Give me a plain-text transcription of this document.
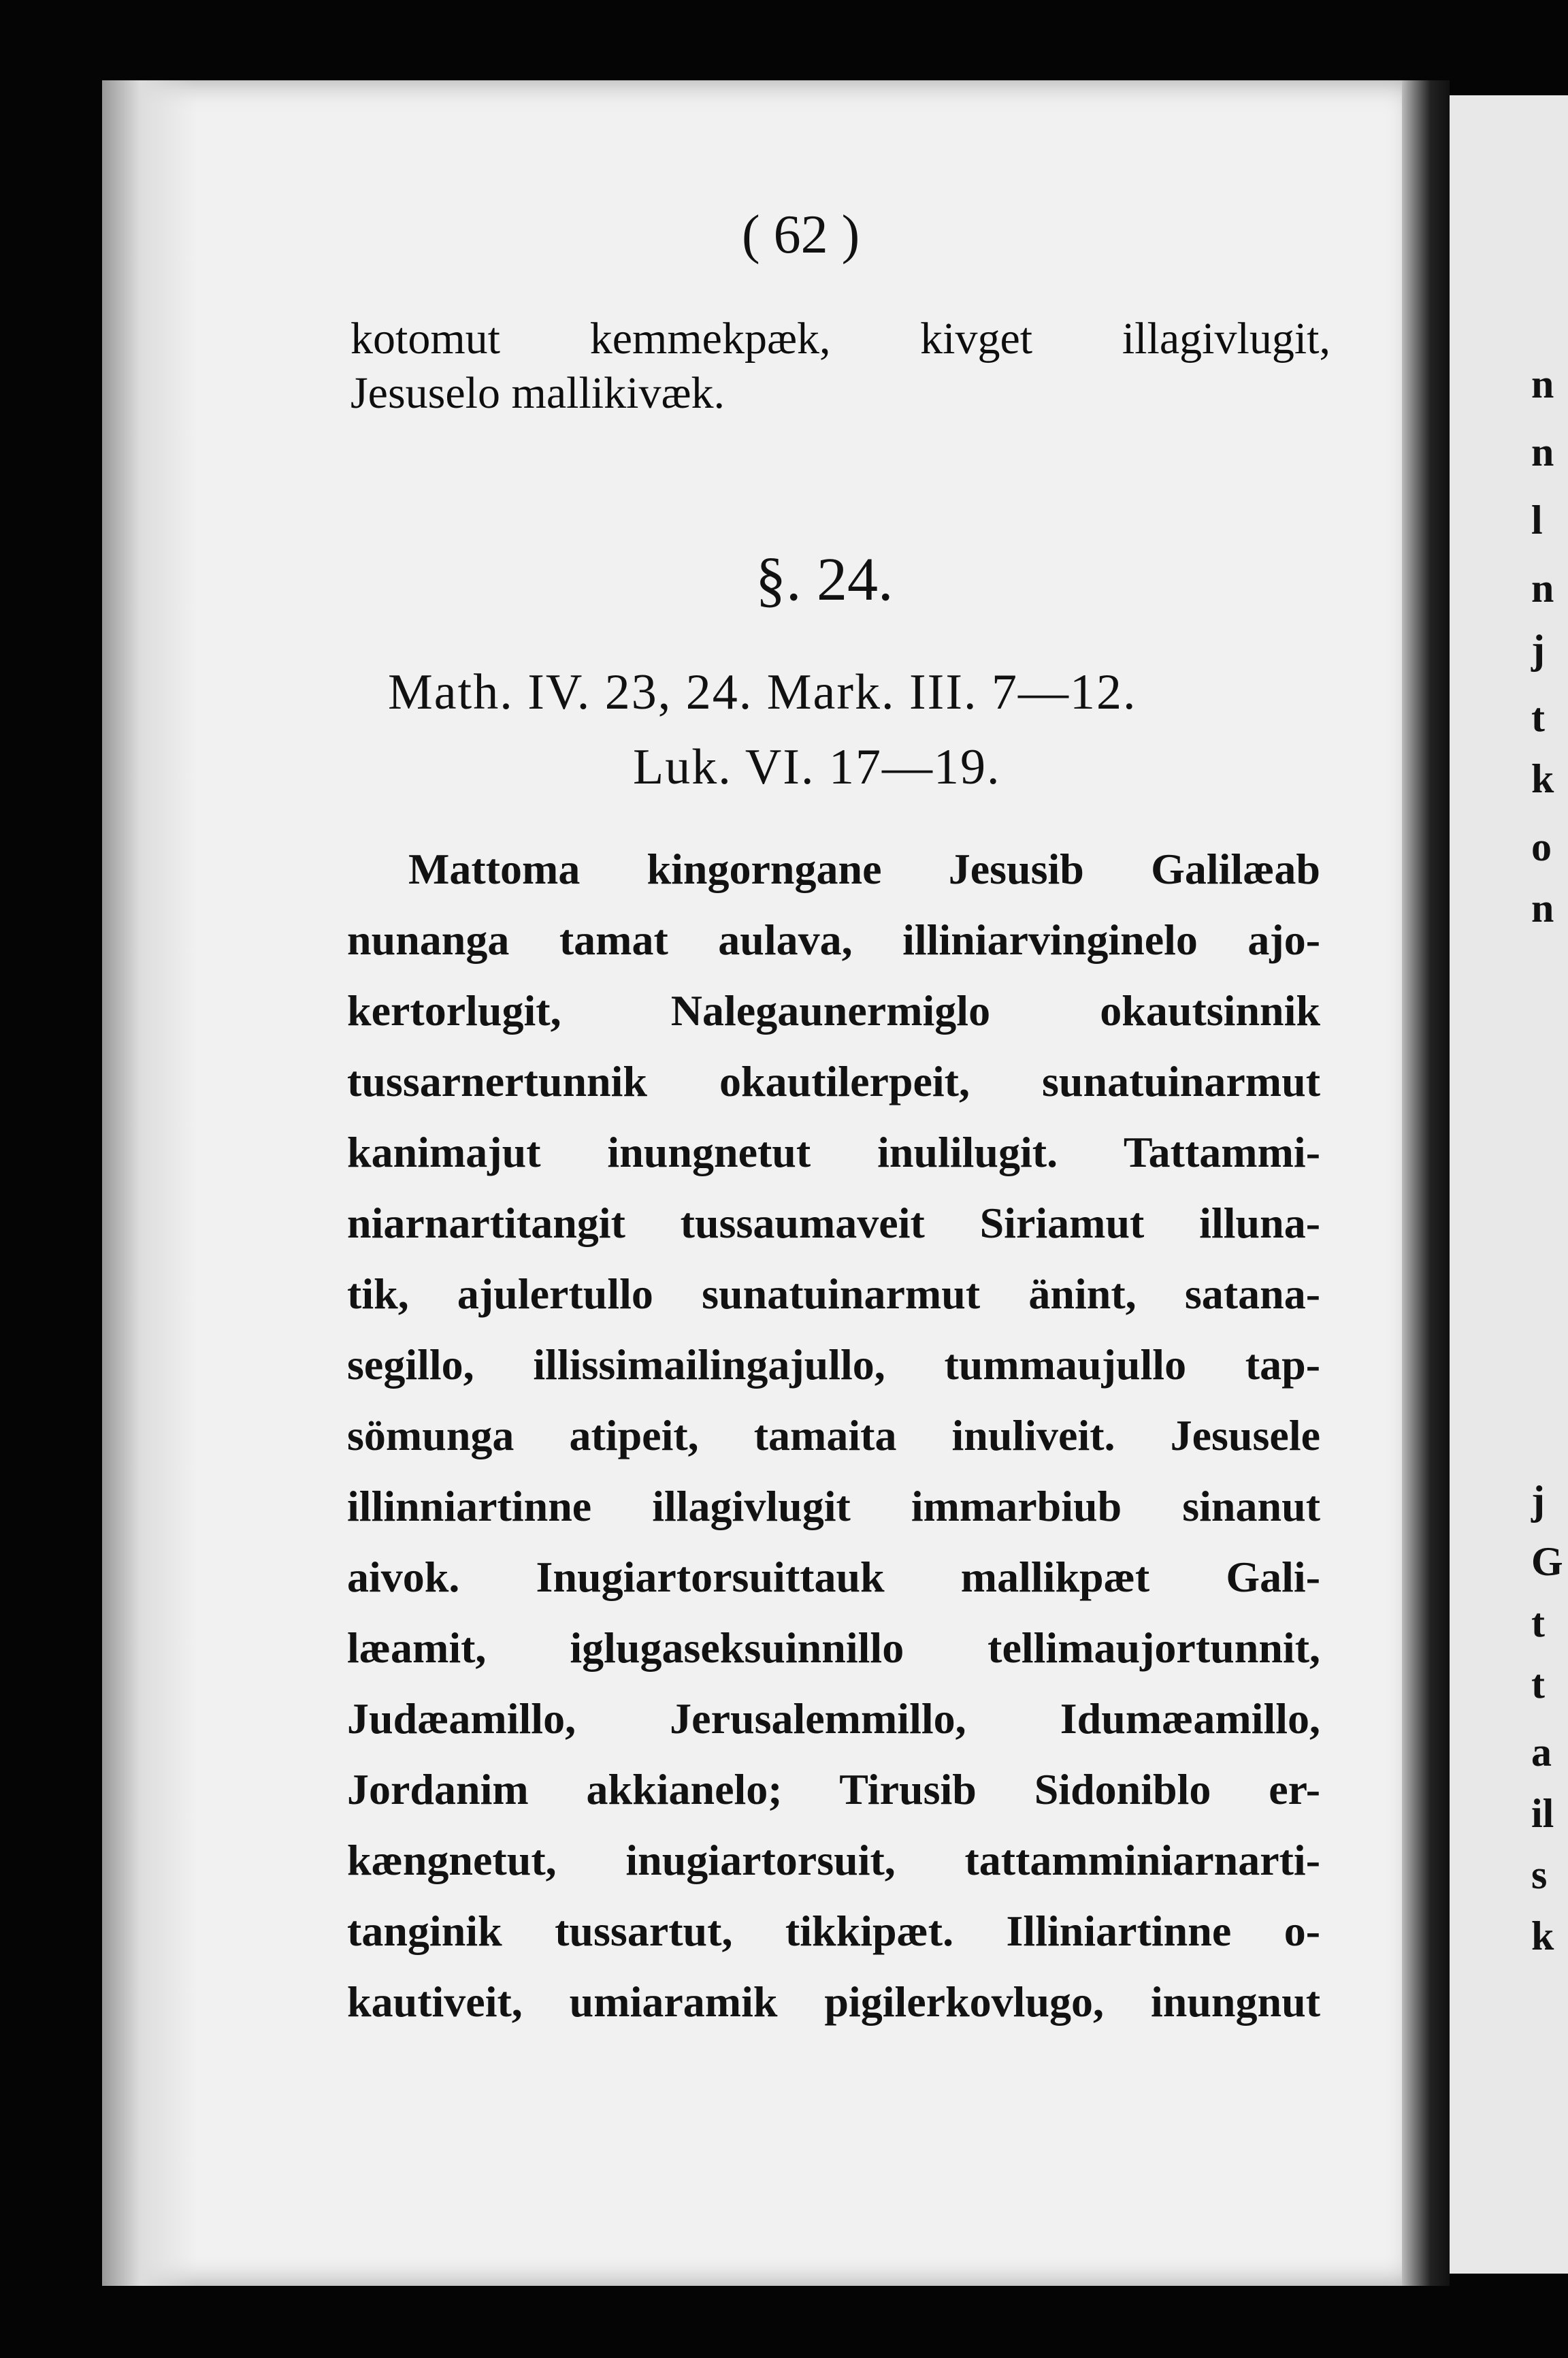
n
n
l
n
j
t
k
o
n
j
G
t
t
a
il
s
k
( 62 )
kotomut kemmekpæk, kivget illagivlugit,
Jesuselo mallikivæk.
§. 24.
Math. IV. 23, 24. Mark. III. 7—12.
Luk. VI. 17—19.
Mattoma kingorngane Jesusib Galilæab
nunanga tamat aulava, illiniarvinginelo ajo-
kertorlugit, Nalegaunermiglo okautsinnik
tussarnertunnik okautilerpeit, sunatuinarmut
kanimajut inungnetut inulilugit. Tattammi-
niarnartitangit tussaumaveit Siriamut illuna-
tik, ajulertullo sunatuinarmut änint, satana-
segillo, illissimailingajullo, tummaujullo tap-
sömunga atipeit, tamaita inuliveit. Jesusele
illinniartinne illagivlugit immarbiub sinanut
aivok. Inugiartorsuittauk mallikpæt Gali-
læamit, iglugaseksuinnillo tellimaujortunnit,
Judæamillo, Jerusalemmillo, Idumæamillo,
Jordanim akkianelo; Tirusib Sidoniblo er-
kængnetut, inugiartorsuit, tattamminiarnarti-
tanginik tussartut, tikkipæt. Illiniartinne o-
kautiveit, umiaramik pigilerkovlugo, inungnut
